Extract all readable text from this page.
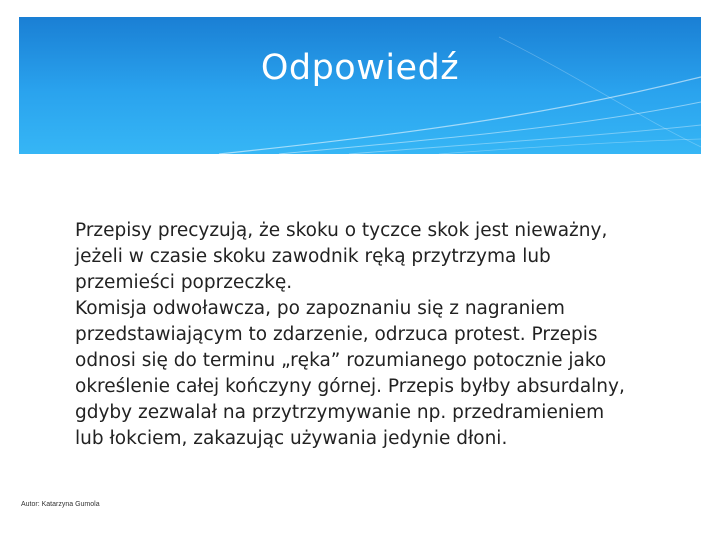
Odpowiedź

Przepisy precyzują, że skoku o tyczce skok jest nieważny, jeżeli w czasie skoku zawodnik ręką przytrzyma lub przemieści poprzeczkę.

Komisja odwoławcza, po zapoznaniu się z nagraniem przedstawiającym to zdarzenie, odrzuca protest. Przepis odnosi się do terminu „ręka” rozumianego potocznie jako określenie całej kończyny górnej. Przepis byłby absurdalny, gdyby zezwalał na przytrzymywanie np. przedramieniem lub łokciem, zakazując używania jedynie dłoni.

Autor: Katarzyna Gumola
